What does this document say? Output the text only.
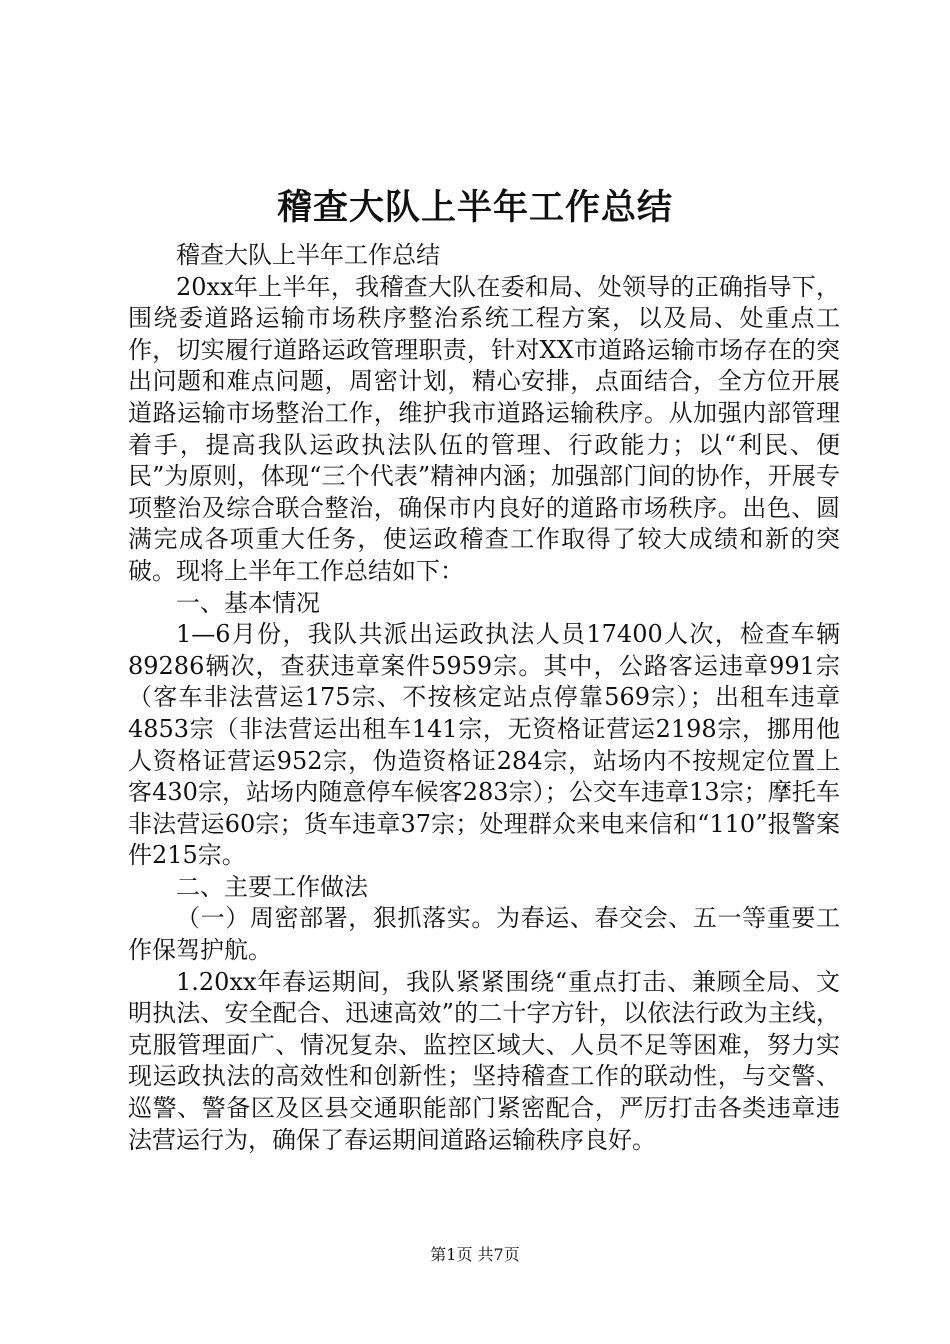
稽查大队上半年工作总结

稽查大队上半年工作总结

20xx年上半年，我稽查大队在委和局、处领导的正确指导下，围绕委道路运输市场秩序整治系统工程方案，以及局、处重点工作，切实履行道路运政管理职责，针对XX市道路运输市场存在的突出问题和难点问题，周密计划，精心安排，点面结合，全方位开展道路运输市场整治工作，维护我市道路运输秩序。从加强内部管理着手，提高我队运政执法队伍的管理、行政能力；以“利民、便民”为原则，体现“三个代表”精神内涵；加强部门间的协作，开展专项整治及综合联合整治，确保市内良好的道路市场秩序。出色、圆满完成各项重大任务，使运政稽查工作取得了较大成绩和新的突破。现将上半年工作总结如下：

一、基本情况

1—6月份，我队共派出运政执法人员17400人次，检查车辆89286辆次，查获违章案件5959宗。其中，公路客运违章991宗（客车非法营运175宗、不按核定站点停靠569宗）；出租车违章4853宗（非法营运出租车141宗，无资格证营运2198宗，挪用他人资格证营运952宗，伪造资格证284宗，站场内不按规定位置上客430宗，站场内随意停车候客283宗）；公交车违章13宗；摩托车非法营运60宗；货车违章37宗；处理群众来电来信和“110”报警案件215宗。

二、主要工作做法

（一）周密部署，狠抓落实。为春运、春交会、五一等重要工作保驾护航。

1.20xx年春运期间，我队紧紧围绕“重点打击、兼顾全局、文明执法、安全配合、迅速高效”的二十字方针，以依法行政为主线，克服管理面广、情况复杂、监控区域大、人员不足等困难，努力实现运政执法的高效性和创新性；坚持稽查工作的联动性，与交警、巡警、警备区及区县交通职能部门紧密配合，严厉打击各类违章违法营运行为，确保了春运期间道路运输秩序良好。

第1页 共7页
